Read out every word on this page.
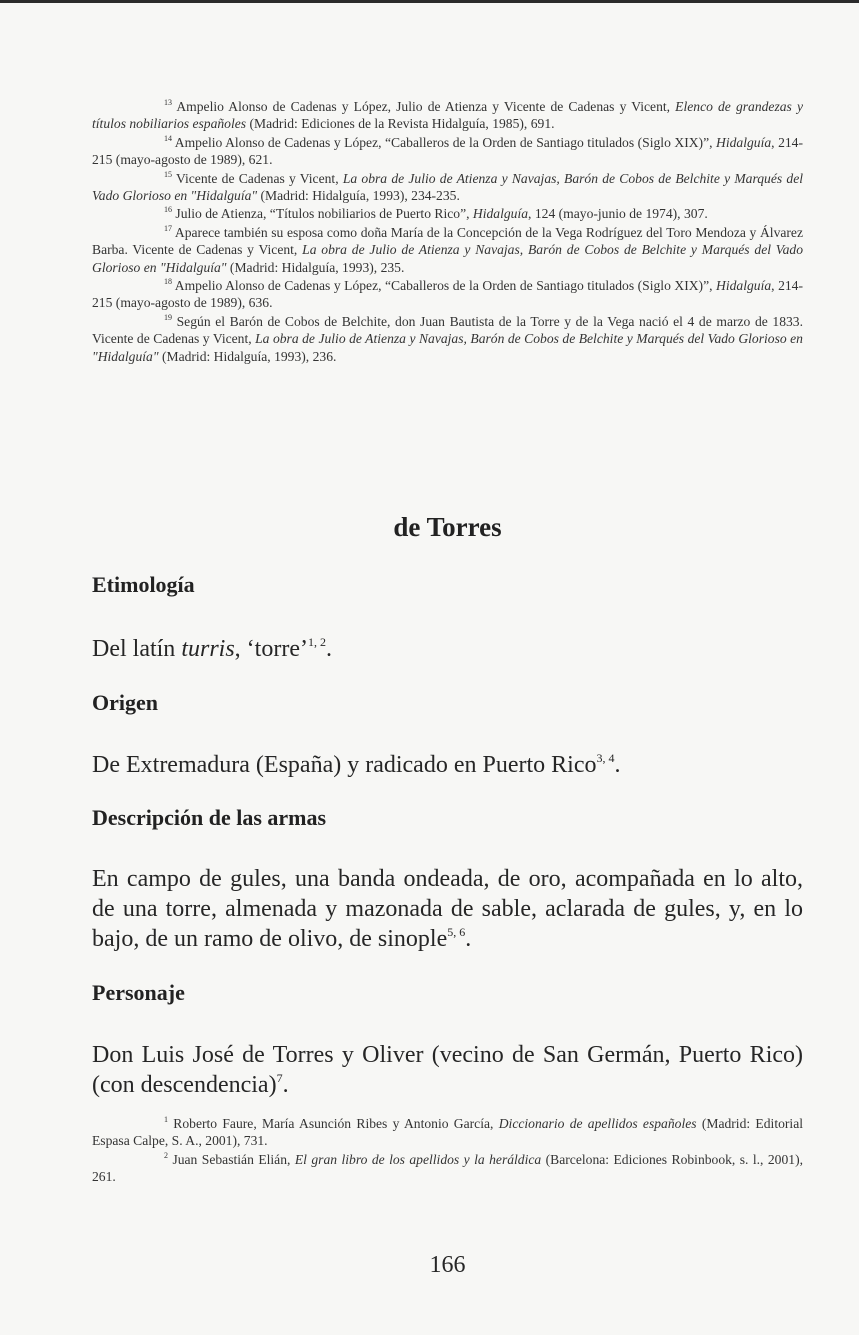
$^{13}$ Ampelio Alonso de Cadenas y López, Julio de Atienza y Vicente de Cadenas y Vicent, Elenco de grandezas y títulos nobiliarios españoles (Madrid: Ediciones de la Revista Hidalguía, 1985), 691.

$^{14}$ Ampelio Alonso de Cadenas y López, “Caballeros de la Orden de Santiago titulados (Siglo XIX)”, Hidalguía, 214-215 (mayo-agosto de 1989), 621.

$^{15}$ Vicente de Cadenas y Vicent, La obra de Julio de Atienza y Navajas, Barón de Cobos de Belchite y Marqués del Vado Glorioso en "Hidalguía" (Madrid: Hidalguía, 1993), 234-235.

$^{16}$ Julio de Atienza, “Títulos nobiliarios de Puerto Rico”, Hidalguía, 124 (mayo-junio de 1974), 307.

$^{17}$ Aparece también su esposa como doña María de la Concepción de la Vega Rodríguez del Toro Mendoza y Álvarez Barba. Vicente de Cadenas y Vicent, La obra de Julio de Atienza y Navajas, Barón de Cobos de Belchite y Marqués del Vado Glorioso en "Hidalguía" (Madrid: Hidalguía, 1993), 235.

$^{18}$ Ampelio Alonso de Cadenas y López, “Caballeros de la Orden de Santiago titulados (Siglo XIX)”, Hidalguía, 214-215 (mayo-agosto de 1989), 636.

$^{19}$ Según el Barón de Cobos de Belchite, don Juan Bautista de la Torre y de la Vega nació el 4 de marzo de 1833. Vicente de Cadenas y Vicent, La obra de Julio de Atienza y Navajas, Barón de Cobos de Belchite y Marqués del Vado Glorioso en "Hidalguía" (Madrid: Hidalguía, 1993), 236.

de Torres
Etimología

Del latín turris, ‘torre’$^{1, 2}$.

Origen

De Extremadura (España) y radicado en Puerto Rico$^{3, 4}$.

Descripción de las armas

En campo de gules, una banda ondeada, de oro, acompañada en lo alto, de una torre, almenada y mazonada de sable, aclarada de gules, y, en lo bajo, de un ramo de olivo, de sinople$^{5, 6}$.

Personaje

Don Luis José de Torres y Oliver (vecino de San Germán, Puerto Rico) (con descendencia)$^7$.

$^1$ Roberto Faure, María Asunción Ribes y Antonio García, Diccionario de apellidos españoles (Madrid: Editorial Espasa Calpe, S. A., 2001), 731.

$^2$ Juan Sebastián Elián, El gran libro de los apellidos y la heráldica (Barcelona: Ediciones Robinbook, s. l., 2001), 261.

166
